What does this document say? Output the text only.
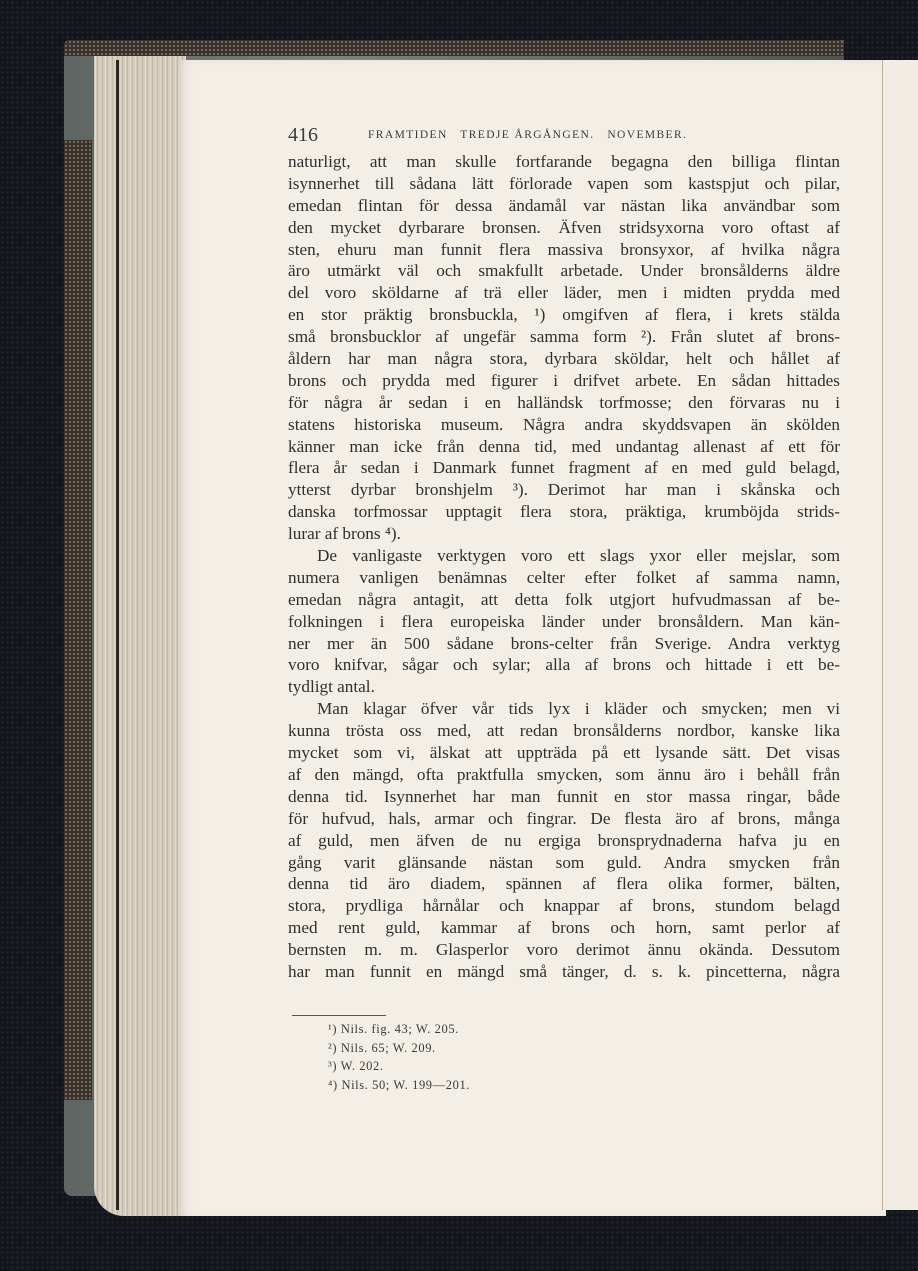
416	FRAMTIDEN   TREDJE ÅRGÅNGEN.   NOVEMBER.
naturligt, att man skulle fortfarande begagna den billiga flintan
isynnerhet till sådana lätt förlorade vapen som kastspjut och pilar,
emedan flintan för dessa ändamål var nästan lika användbar som
den mycket dyrbarare bronsen. Äfven stridsyxorna voro oftast af
sten, ehuru man funnit flera massiva bronsyxor, af hvilka några
äro utmärkt väl och smakfullt arbetade. Under bronsålderns äldre
del voro sköldarne af trä eller läder, men i midten prydda med
en stor präktig bronsbuckla, ¹) omgifven af flera, i krets stälda
små bronsbucklor af ungefär samma form ²). Från slutet af brons-
åldern har man några stora, dyrbara sköldar, helt och hållet af
brons och prydda med figurer i drifvet arbete. En sådan hittades
för några år sedan i en halländsk torfmosse; den förvaras nu i
statens historiska museum. Några andra skyddsvapen än skölden
känner man icke från denna tid, med undantag allenast af ett för
flera år sedan i Danmark funnet fragment af en med guld belagd,
ytterst dyrbar bronshjelm ³). Derimot har man i skånska och
danska torfmossar upptagit flera stora, präktiga, krumböjda strids-
lurar af brons ⁴).
De vanligaste verktygen voro ett slags yxor eller mejslar, som
numera vanligen benämnas celter efter folket af samma namn,
emedan några antagit, att detta folk utgjort hufvudmassan af be-
folkningen i flera europeiska länder under bronsåldern. Man kän-
ner mer än 500 sådane brons-celter från Sverige. Andra verktyg
voro knifvar, sågar och sylar; alla af brons och hittade i ett be-
tydligt antal.
Man klagar öfver vår tids lyx i kläder och smycken; men vi
kunna trösta oss med, att redan bronsålderns nordbor, kanske lika
mycket som vi, älskat att uppträda på ett lysande sätt. Det visas
af den mängd, ofta praktfulla smycken, som ännu äro i behåll från
denna tid. Isynnerhet har man funnit en stor massa ringar, både
för hufvud, hals, armar och fingrar. De flesta äro af brons, många
af guld, men äfven de nu ergiga bronsprydnaderna hafva ju en
gång varit glänsande nästan som guld. Andra smycken från
denna tid äro diadem, spännen af flera olika former, bälten,
stora, prydliga hårnålar och knappar af brons, stundom belagd
med rent guld, kammar af brons och horn, samt perlor af
bernsten m. m. Glasperlor voro derimot ännu okända. Dessutom
har man funnit en mängd små tänger, d. s. k. pincetterna, några
¹) Nils. fig. 43; W. 205.
²) Nils. 65; W. 209.
³) W. 202.
⁴) Nils. 50; W. 199—201.
